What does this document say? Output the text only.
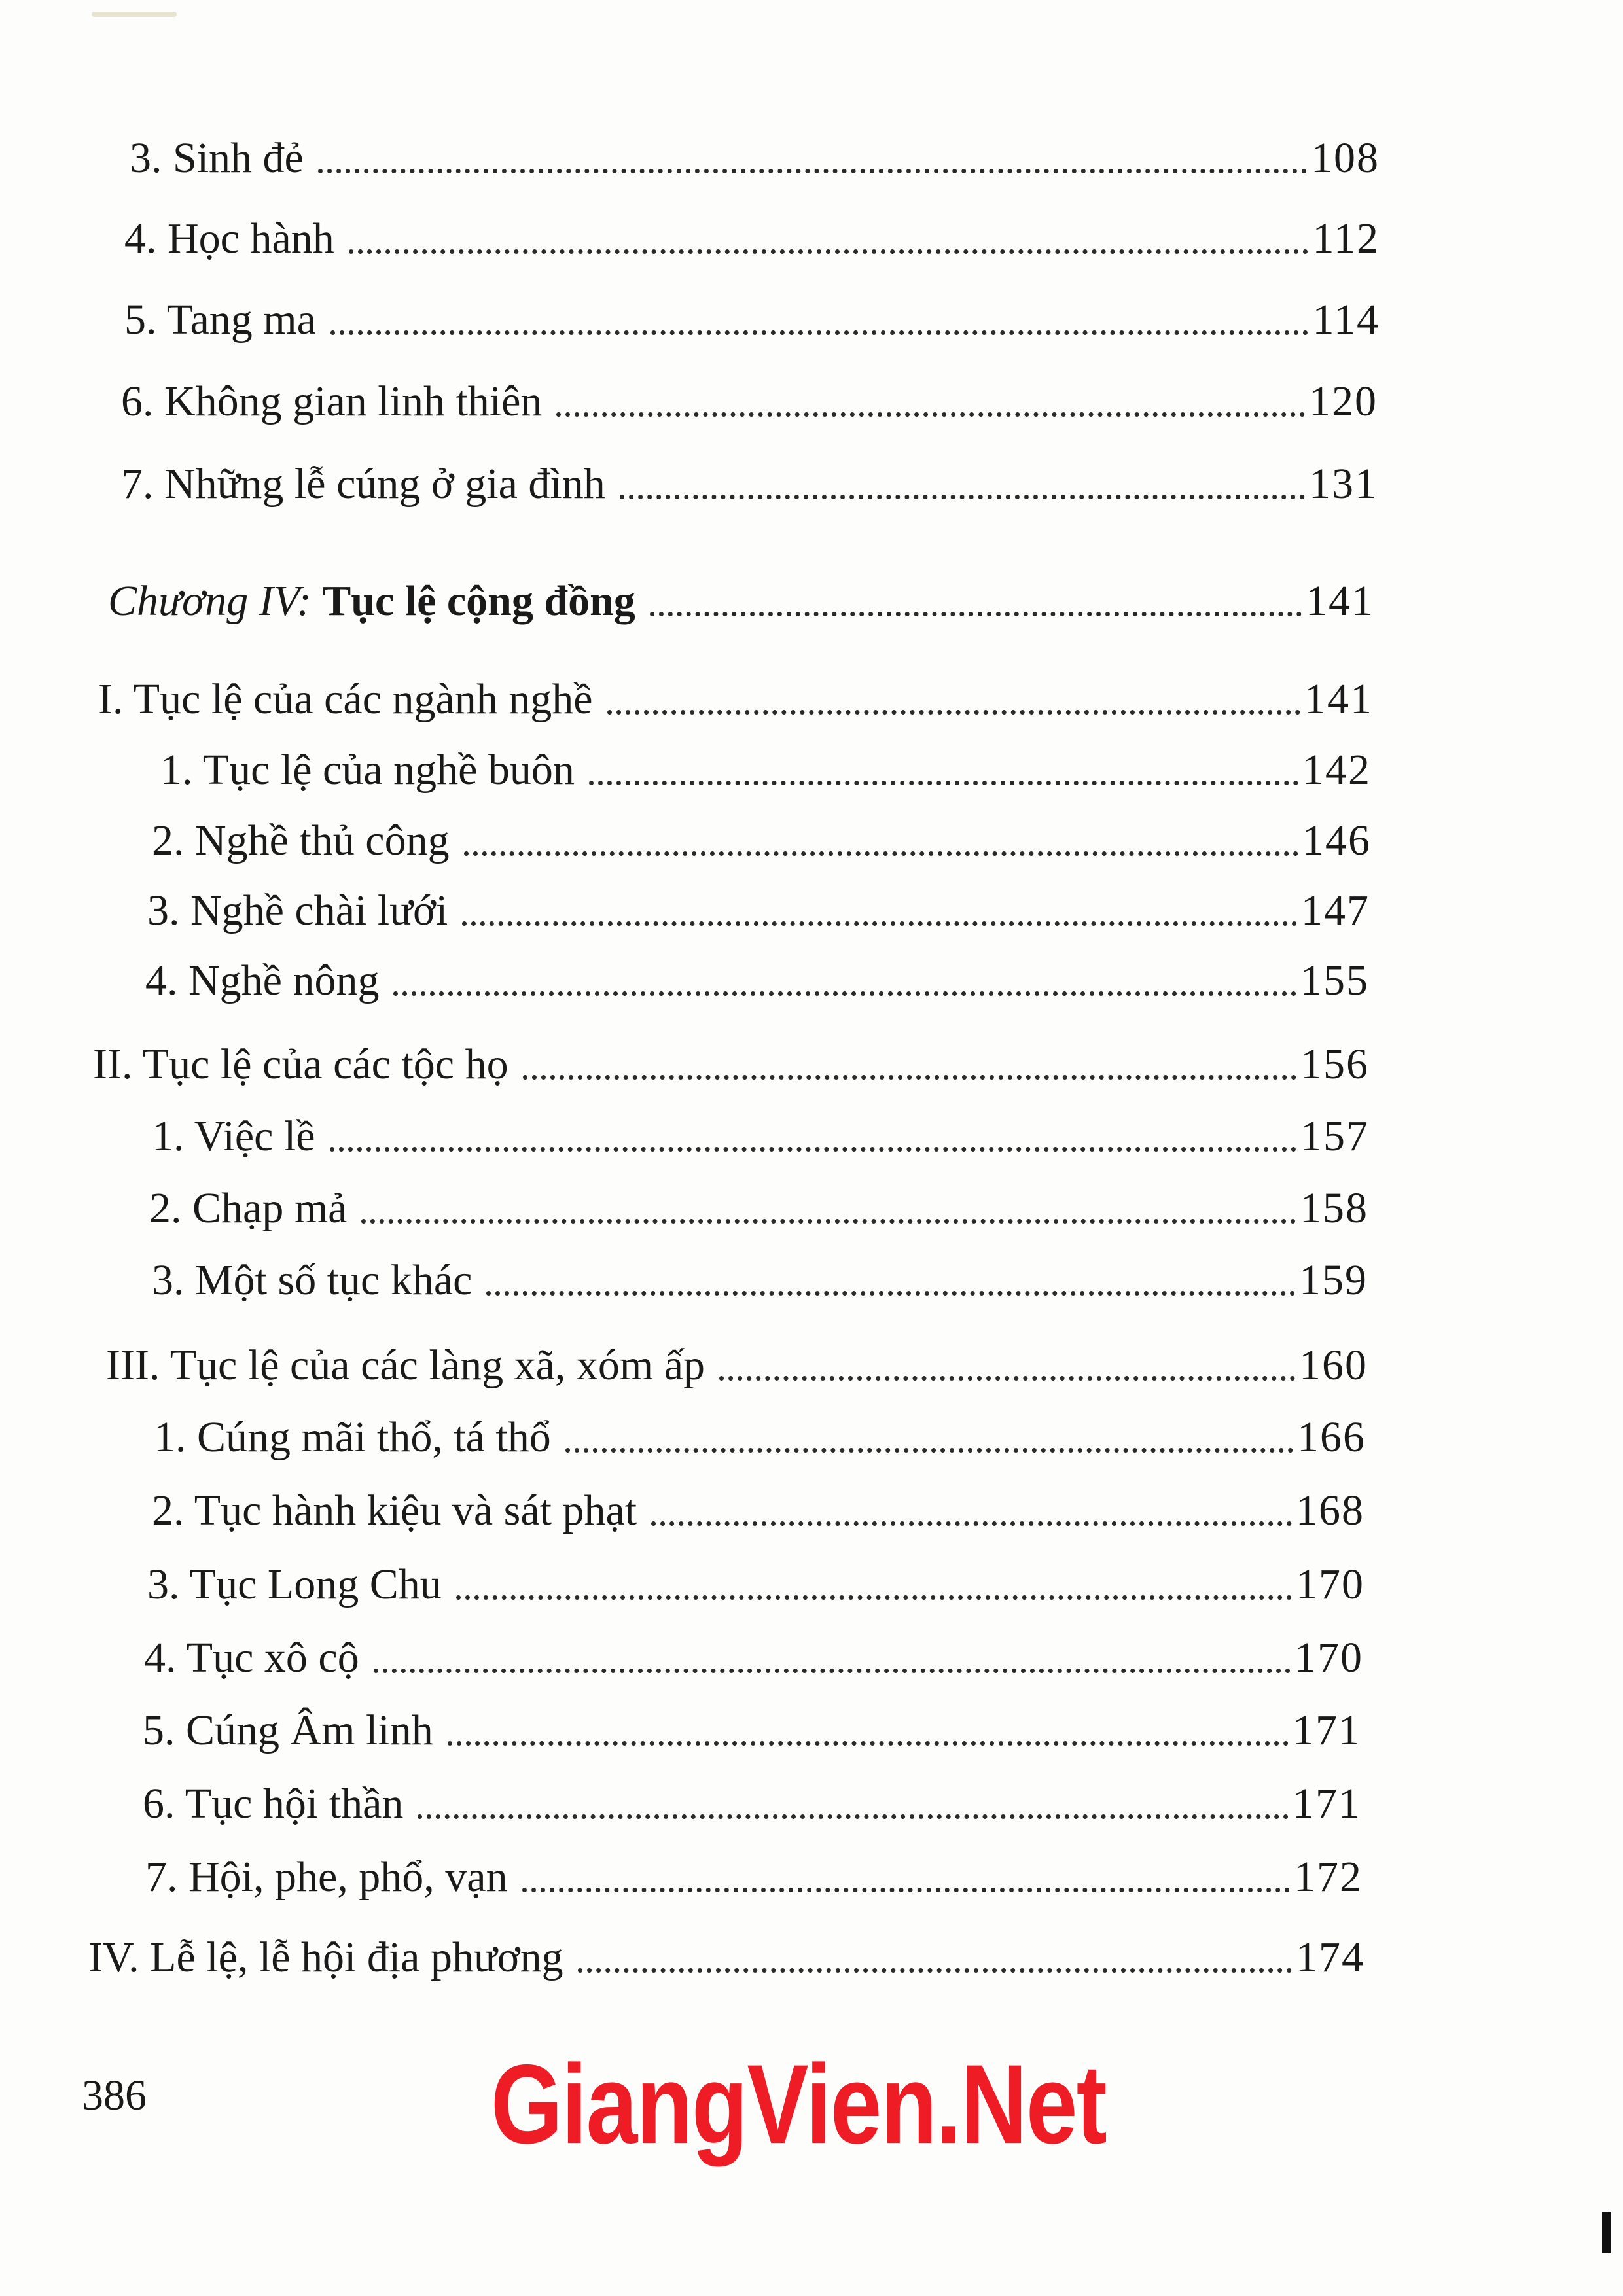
3. Sinh đẻ	108
4. Học hành	112
5. Tang ma	114
6. Không gian linh thiên	120
7. Những lễ cúng ở gia đình	131
Chương IV: Tục lệ cộng đồng	141
I. Tục lệ của các ngành nghề	141
1. Tục lệ của nghề buôn	142
2. Nghề thủ công	146
3. Nghề chài lưới	147
4. Nghề nông	155
II. Tục lệ của các tộc họ	156
1. Việc lề	157
2. Chạp mả	158
3. Một số tục khác	159
III. Tục lệ của các làng xã, xóm ấp	160
1. Cúng mãi thổ, tá thổ	166
2. Tục hành kiệu và sát phạt	168
3. Tục Long Chu	170
4. Tục xô cộ	170
5. Cúng Âm linh	171
6. Tục hội thần	171
7. Hội, phe, phổ, vạn	172
IV. Lễ lệ, lễ hội địa phương	174
386	GiangVien.Net
